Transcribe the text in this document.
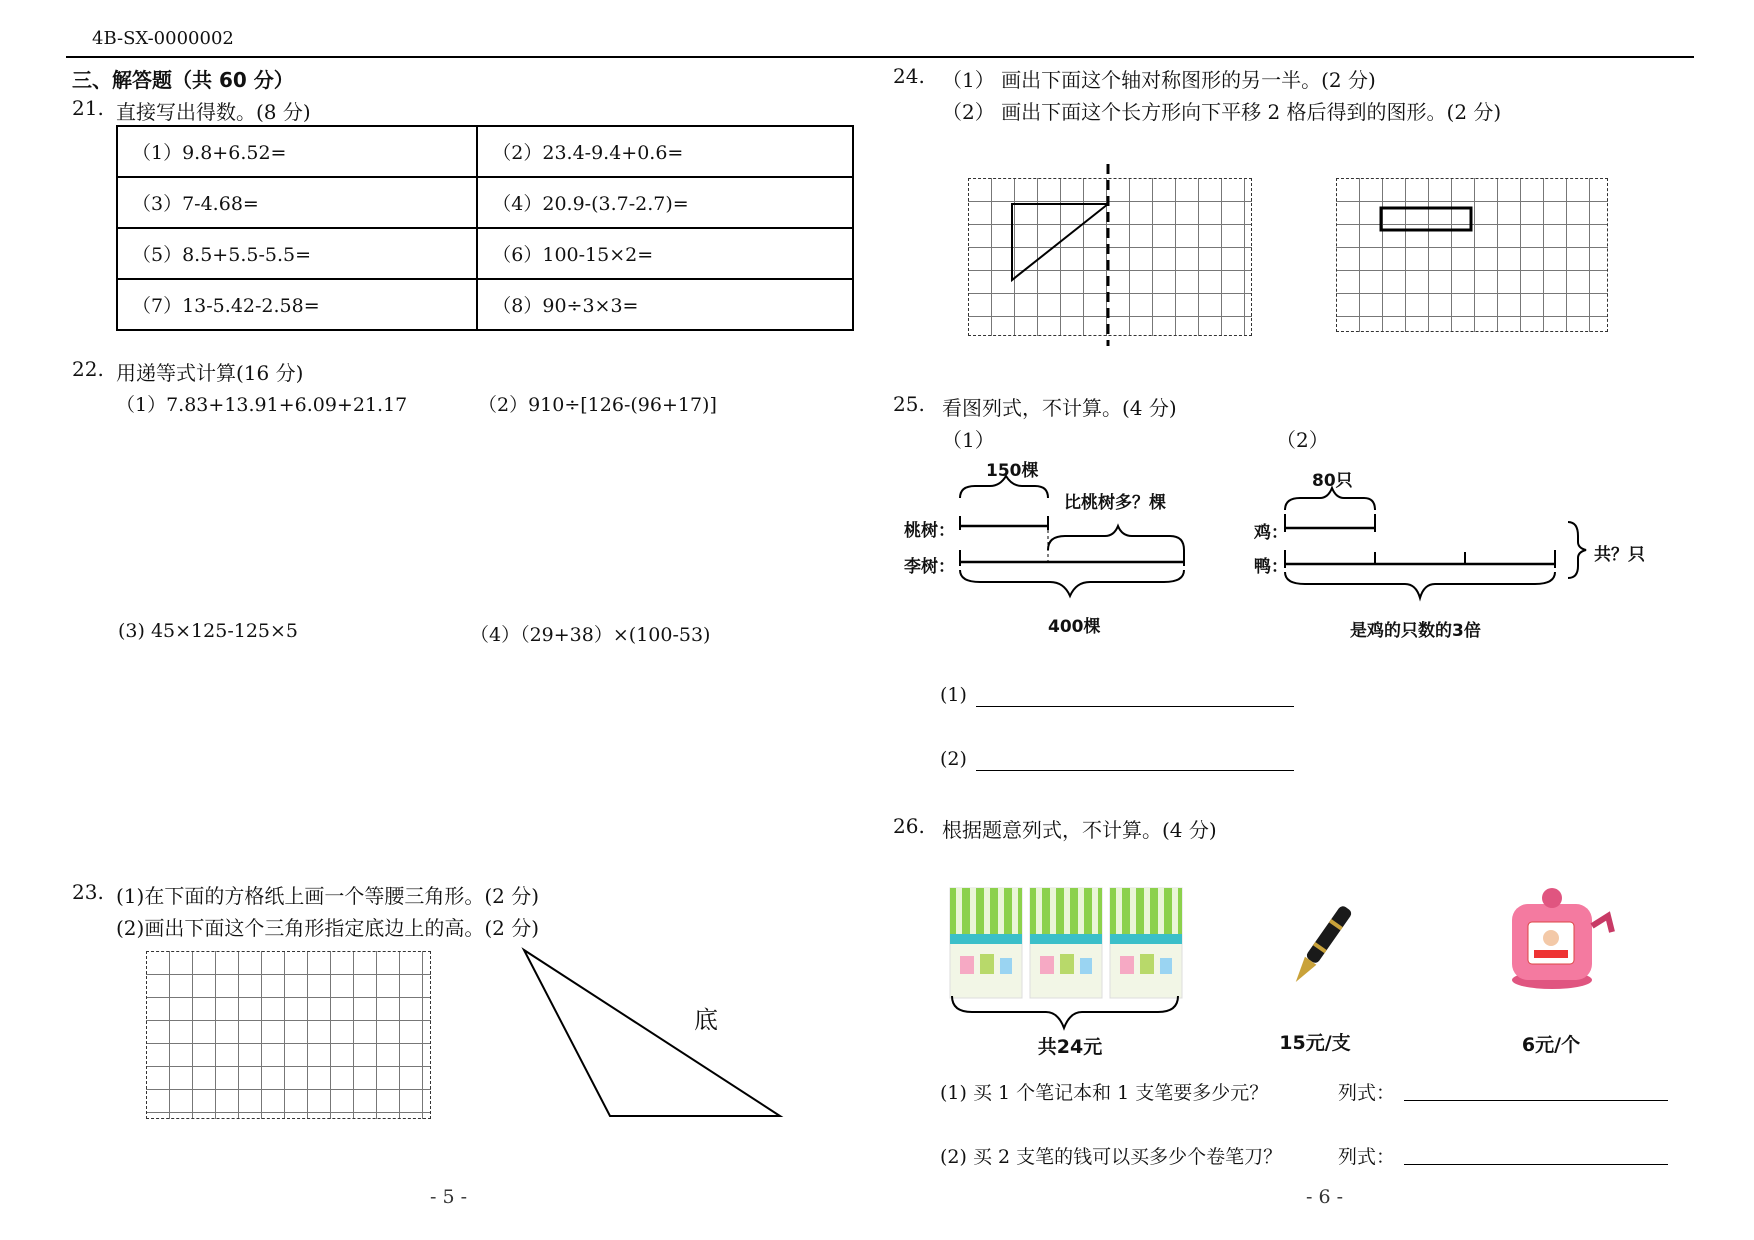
4B-SX-0000002
三、解答题（共 60 分）
21. 直接写出得数。(8 分)
（1）9.8+6.52=	（2）23.4-9.4+0.6=
（3）7-4.68=	（4）20.9-(3.7-2.7)=
（5）8.5+5.5-5.5=	（6）100-15×2=
（7）13-5.42-2.58=	（8）90÷3×3=
22. 用递等式计算(16 分)
（1）7.83+13.91+6.09+21.17	（2）910÷[126-(96+17)]
(3) 45×125-125×5	（4）（29+38）×(100-53)
23. (1)在下面的方格纸上画一个等腰三角形。(2 分)
(2)画出下面这个三角形指定底边上的高。(2 分)
底
- 5 -
24. （1） 画出下面这个轴对称图形的另一半。(2 分)
（2） 画出下面这个长方形向下平移 2 格后得到的图形。(2 分)
25. 看图列式，不计算。(4 分)
（1）	（2）
150棵
比桃树多？棵
桃树：
李树：
400棵
80只
鸡：
鸭：
共？只
是鸡的只数的3倍
(1)
(2)
26. 根据题意列式，不计算。(4 分)
共24元	15元/支	6元/个
(1) 买 1 个笔记本和 1 支笔要多少元？	列式：
(2) 买 2 支笔的钱可以买多少个卷笔刀？	列式：
- 6 -
